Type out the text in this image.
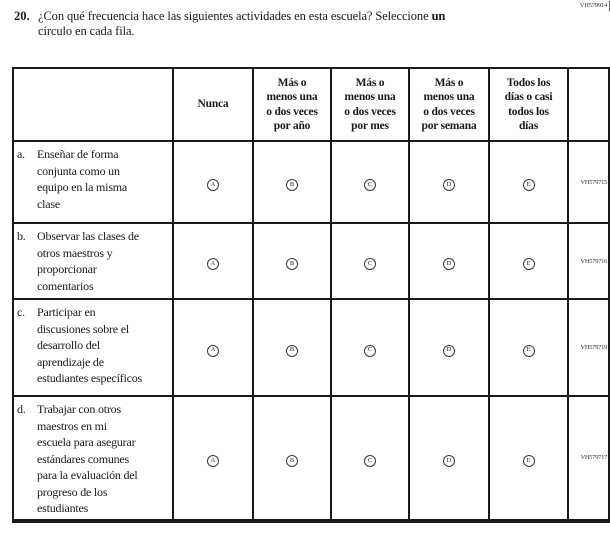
VH579914
20. ¿Con qué frecuencia hace las siguientes actividades en esta escuela? Seleccione un
círculo en cada fila.
	Nunca	Más o
menos una
o dos veces
por año	Más o
menos una
o dos veces
por mes	Más o
menos una
o dos veces
por semana	Todos los
días o casi
todos los
días	

a. Enseñar de forma
conjunta como un
equipo en la misma
clase	A	B	C	D	E	VH579715

b. Observar las clases de
otros maestros y
proporcionar
comentarios	A	B	C	D	E	VH579716

c.	Participar en
discusiones sobre el
desarrollo del
aprendizaje de
estudiantes específicos

A	B	C	D	E	VH579719

d. Trabajar con otros
maestros en mi
escuela para asegurar
estándares comunes
para la evaluación del
progreso de los
estudiantes

A	B	C	D	E	VH579717
